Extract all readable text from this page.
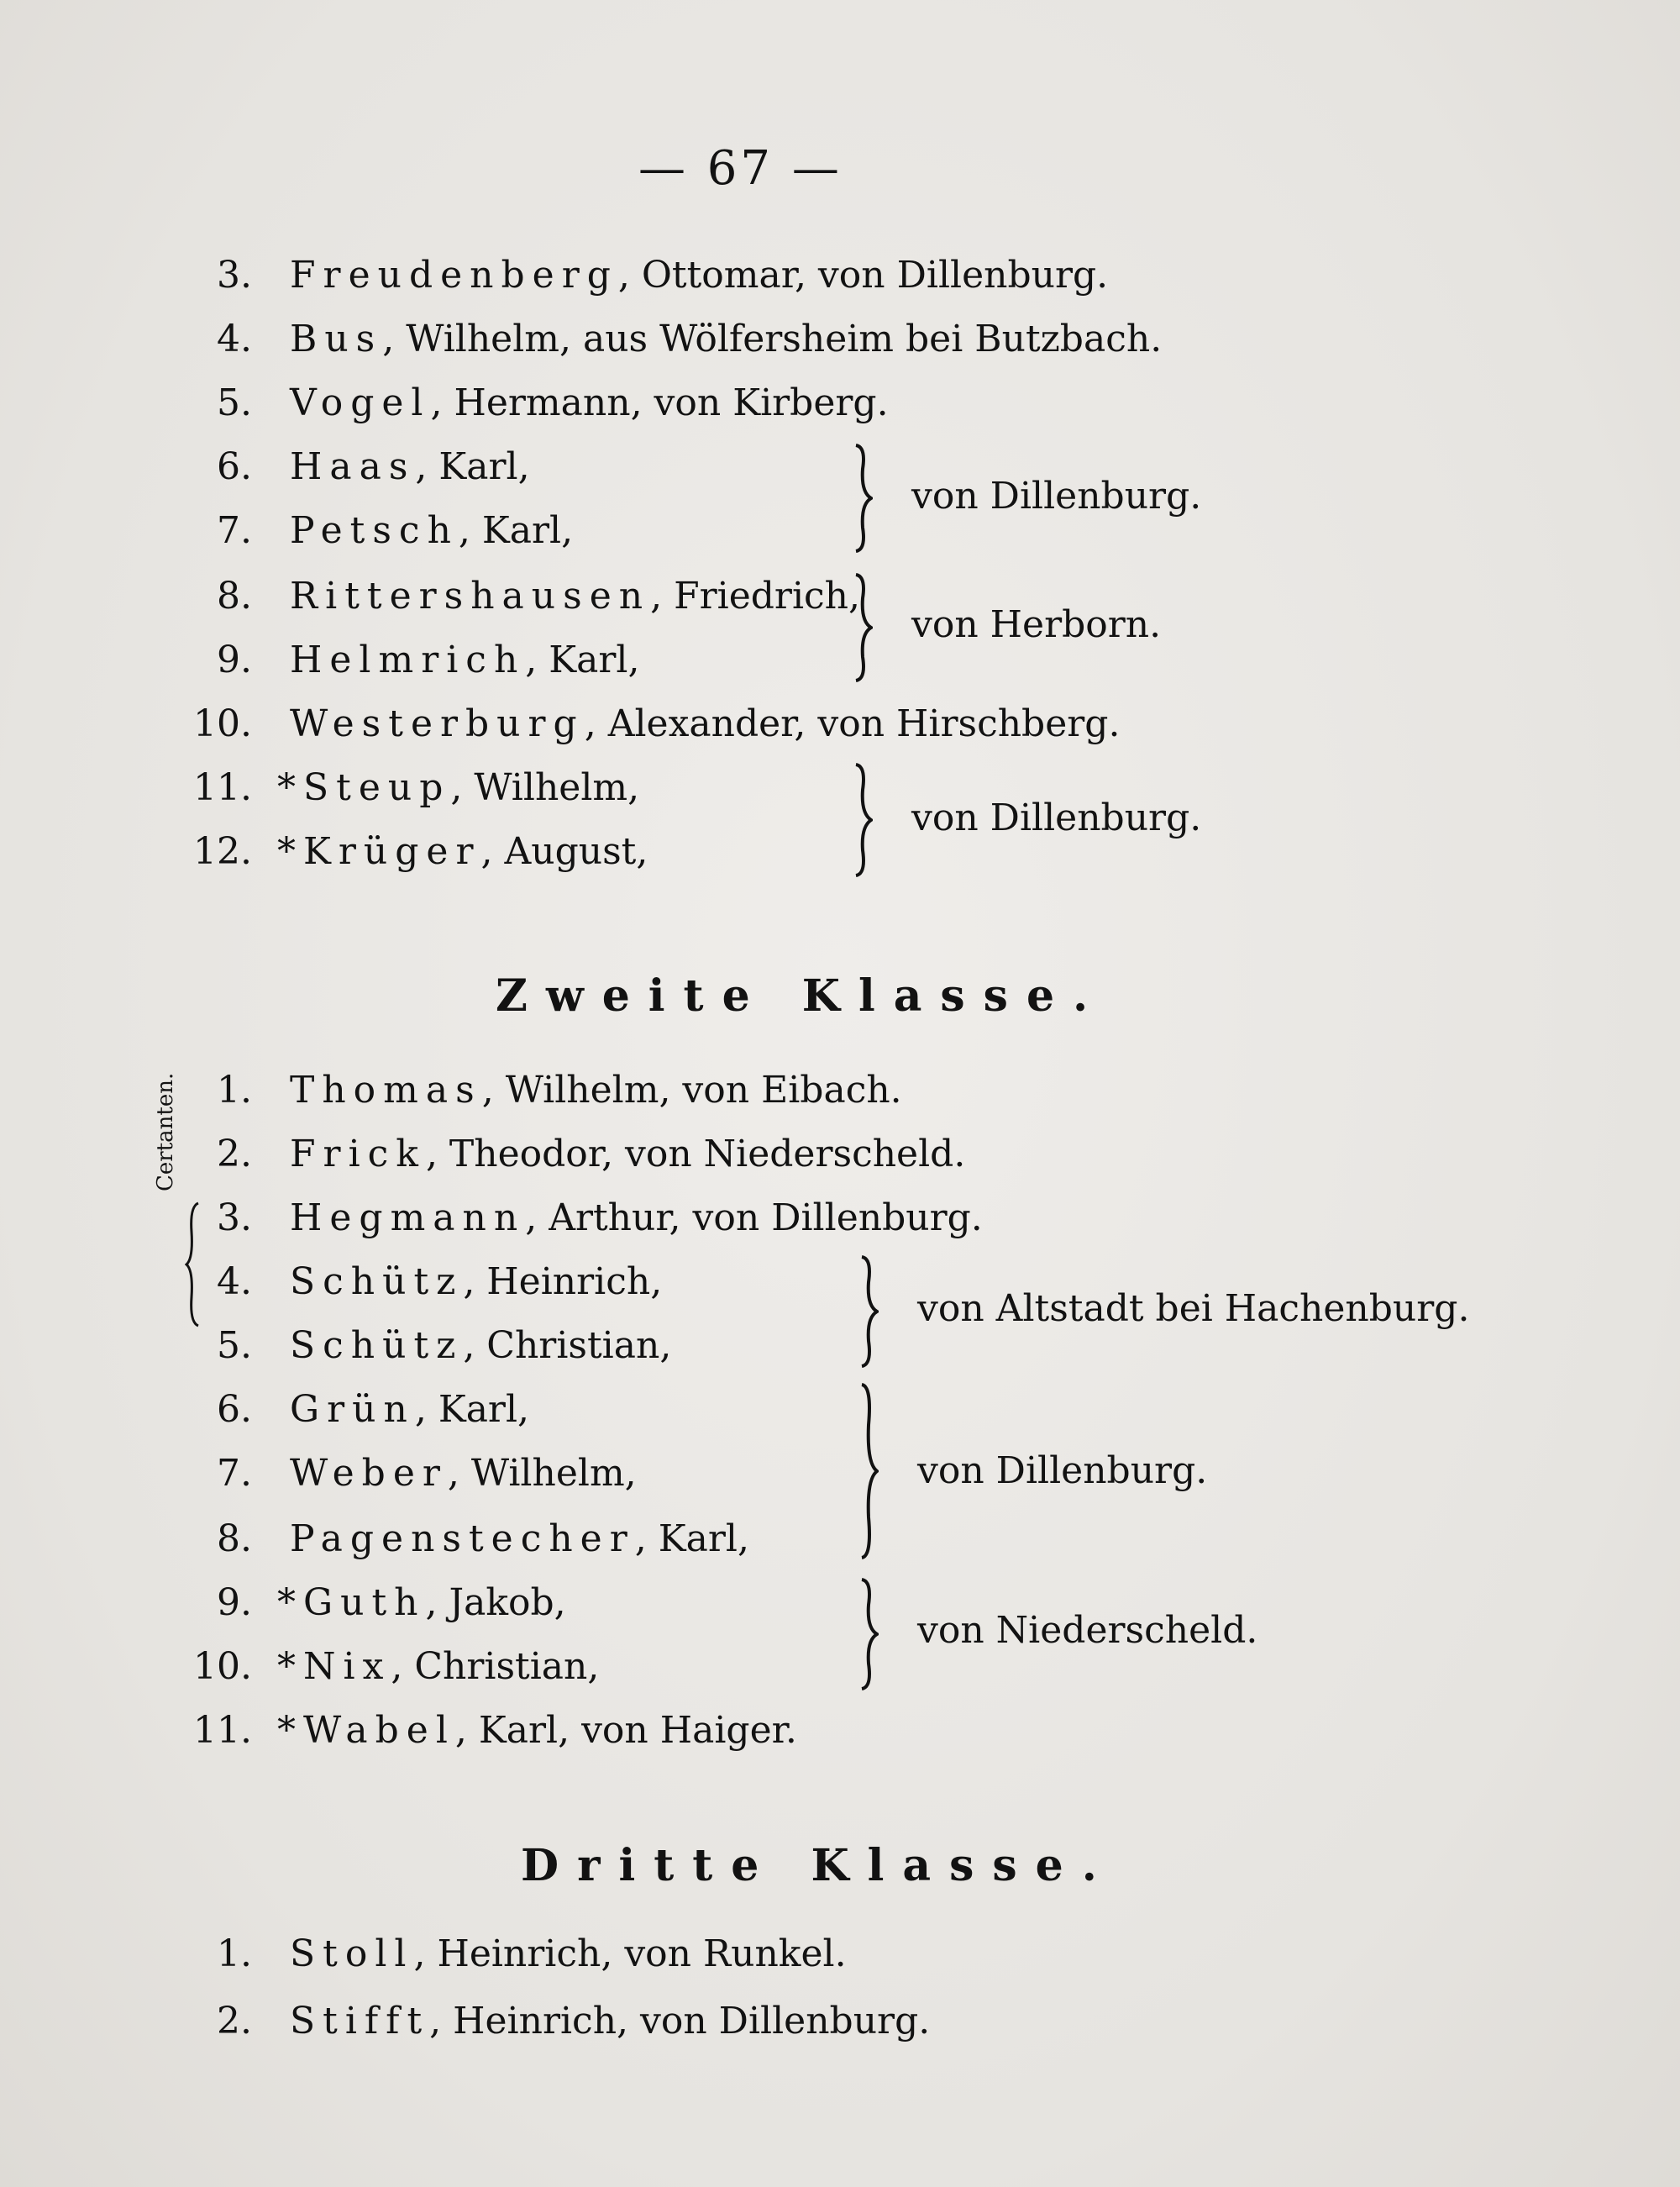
— 67 —
3. Freudenberg, Ottomar, von Dillenburg.
4. Bus, Wilhelm, aus Wölfersheim bei Butzbach.
5. Vogel, Hermann, von Kirberg.
6. Haas, Karl,
7. Petsch, Karl,
8. Rittershausen, Friedrich,
9. Helmrich, Karl,
10. Westerburg, Alexander, von Hirschberg.
11. *Steup, Wilhelm,
12. *Krüger, August,
von Dillenburg.
von Herborn.
von Dillenburg.
Zweite Klasse.
1. Thomas, Wilhelm, von Eibach.
2. Frick, Theodor, von Niederscheld.
3. Hegmann, Arthur, von Dillenburg.
4. Schütz, Heinrich,
5. Schütz, Christian,
6. Grün, Karl,
7. Weber, Wilhelm,
8. Pagenstecher, Karl,
9. *Guth, Jakob,
10. *Nix, Christian,
11. *Wabel, Karl, von Haiger.
Certanten.
von Altstadt bei Hachenburg.
von Dillenburg.
von Niederscheld.
Dritte Klasse.
1. Stoll, Heinrich, von Runkel.
2. Stifft, Heinrich, von Dillenburg.
